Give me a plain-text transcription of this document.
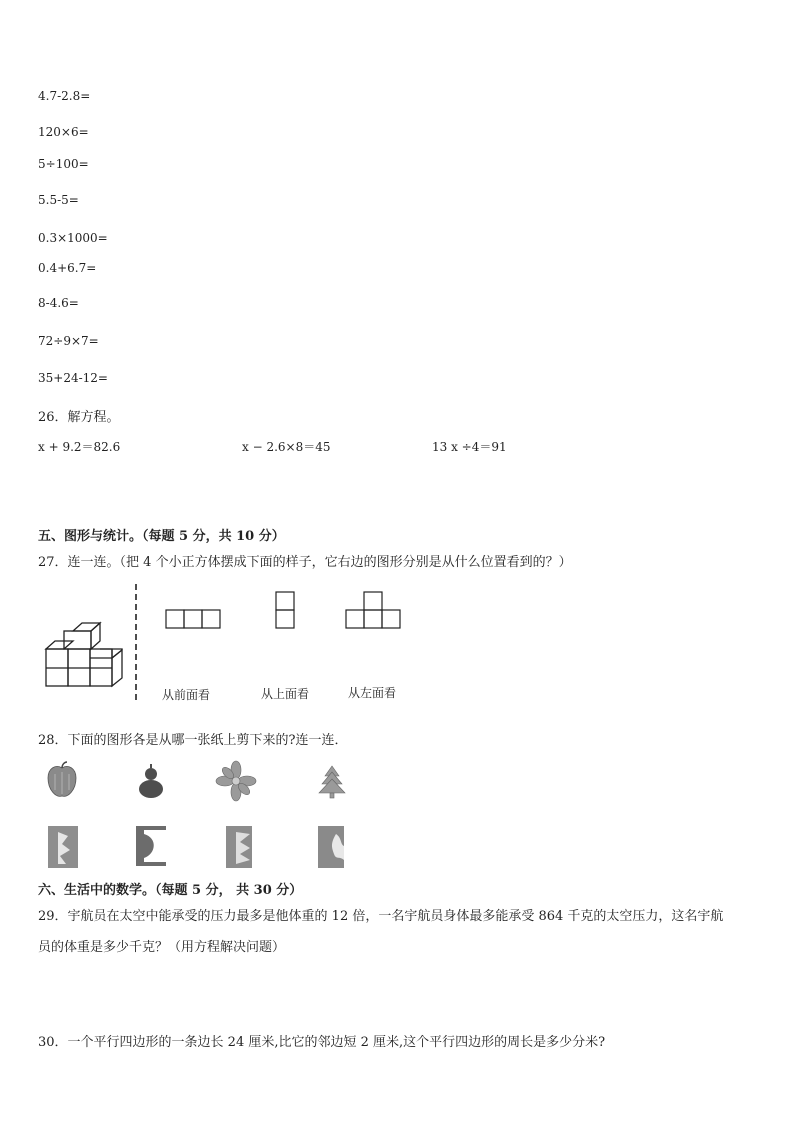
4.7-2.8=
120×6=
5÷100=
5.5-5=
0.3×1000=
0.4+6.7=
8-4.6=
72÷9×7=
35+24-12=
26．解方程。
x + 9.2＝82.6	x − 2.6×8＝45	13 x ÷4＝91
五、图形与统计。（每题 5 分，共 10 分）
27．连一连。（把 4 个小正方体摆成下面的样子，它右边的图形分别是从什么位置看到的？）
从前面看	从上面看	从左面看
28．下面的图形各是从哪一张纸上剪下来的?连一连．
六、生活中的数学。（每题 5 分， 共 30 分）
29．宇航员在太空中能承受的压力最多是他体重的 12 倍，一名宇航员身体最多能承受 864 千克的太空压力，这名宇航
员的体重是多少千克？（用方程解决问题）
30．一个平行四边形的一条边长 24 厘米,比它的邻边短 2 厘米,这个平行四边形的周长是多少分米?
